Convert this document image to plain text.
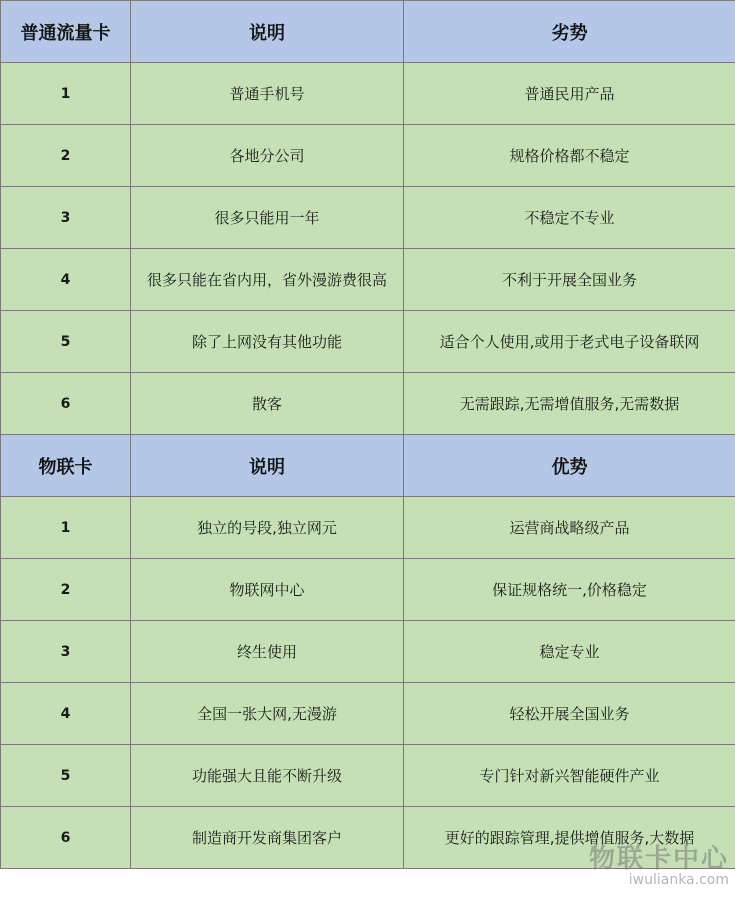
普通流量卡	说明	劣势
1	普通手机号	普通民用产品
2	各地分公司	规格价格都不稳定
3	很多只能用一年	不稳定不专业
4	很多只能在省内用，省外漫游费很高	不利于开展全国业务
5	除了上网没有其他功能	适合个人使用,或用于老式电子设备联网
6	散客	无需跟踪,无需增值服务,无需数据
物联卡	说明	优势
1	独立的号段,独立网元	运营商战略级产品
2	物联网中心	保证规格统一,价格稳定
3	终生使用	稳定专业
4	全国一张大网,无漫游	轻松开展全国业务
5	功能强大且能不断升级	专门针对新兴智能硬件产业
6	制造商开发商集团客户	更好的跟踪管理,提供增值服务,大数据
物联卡中心
iwulianka.com
